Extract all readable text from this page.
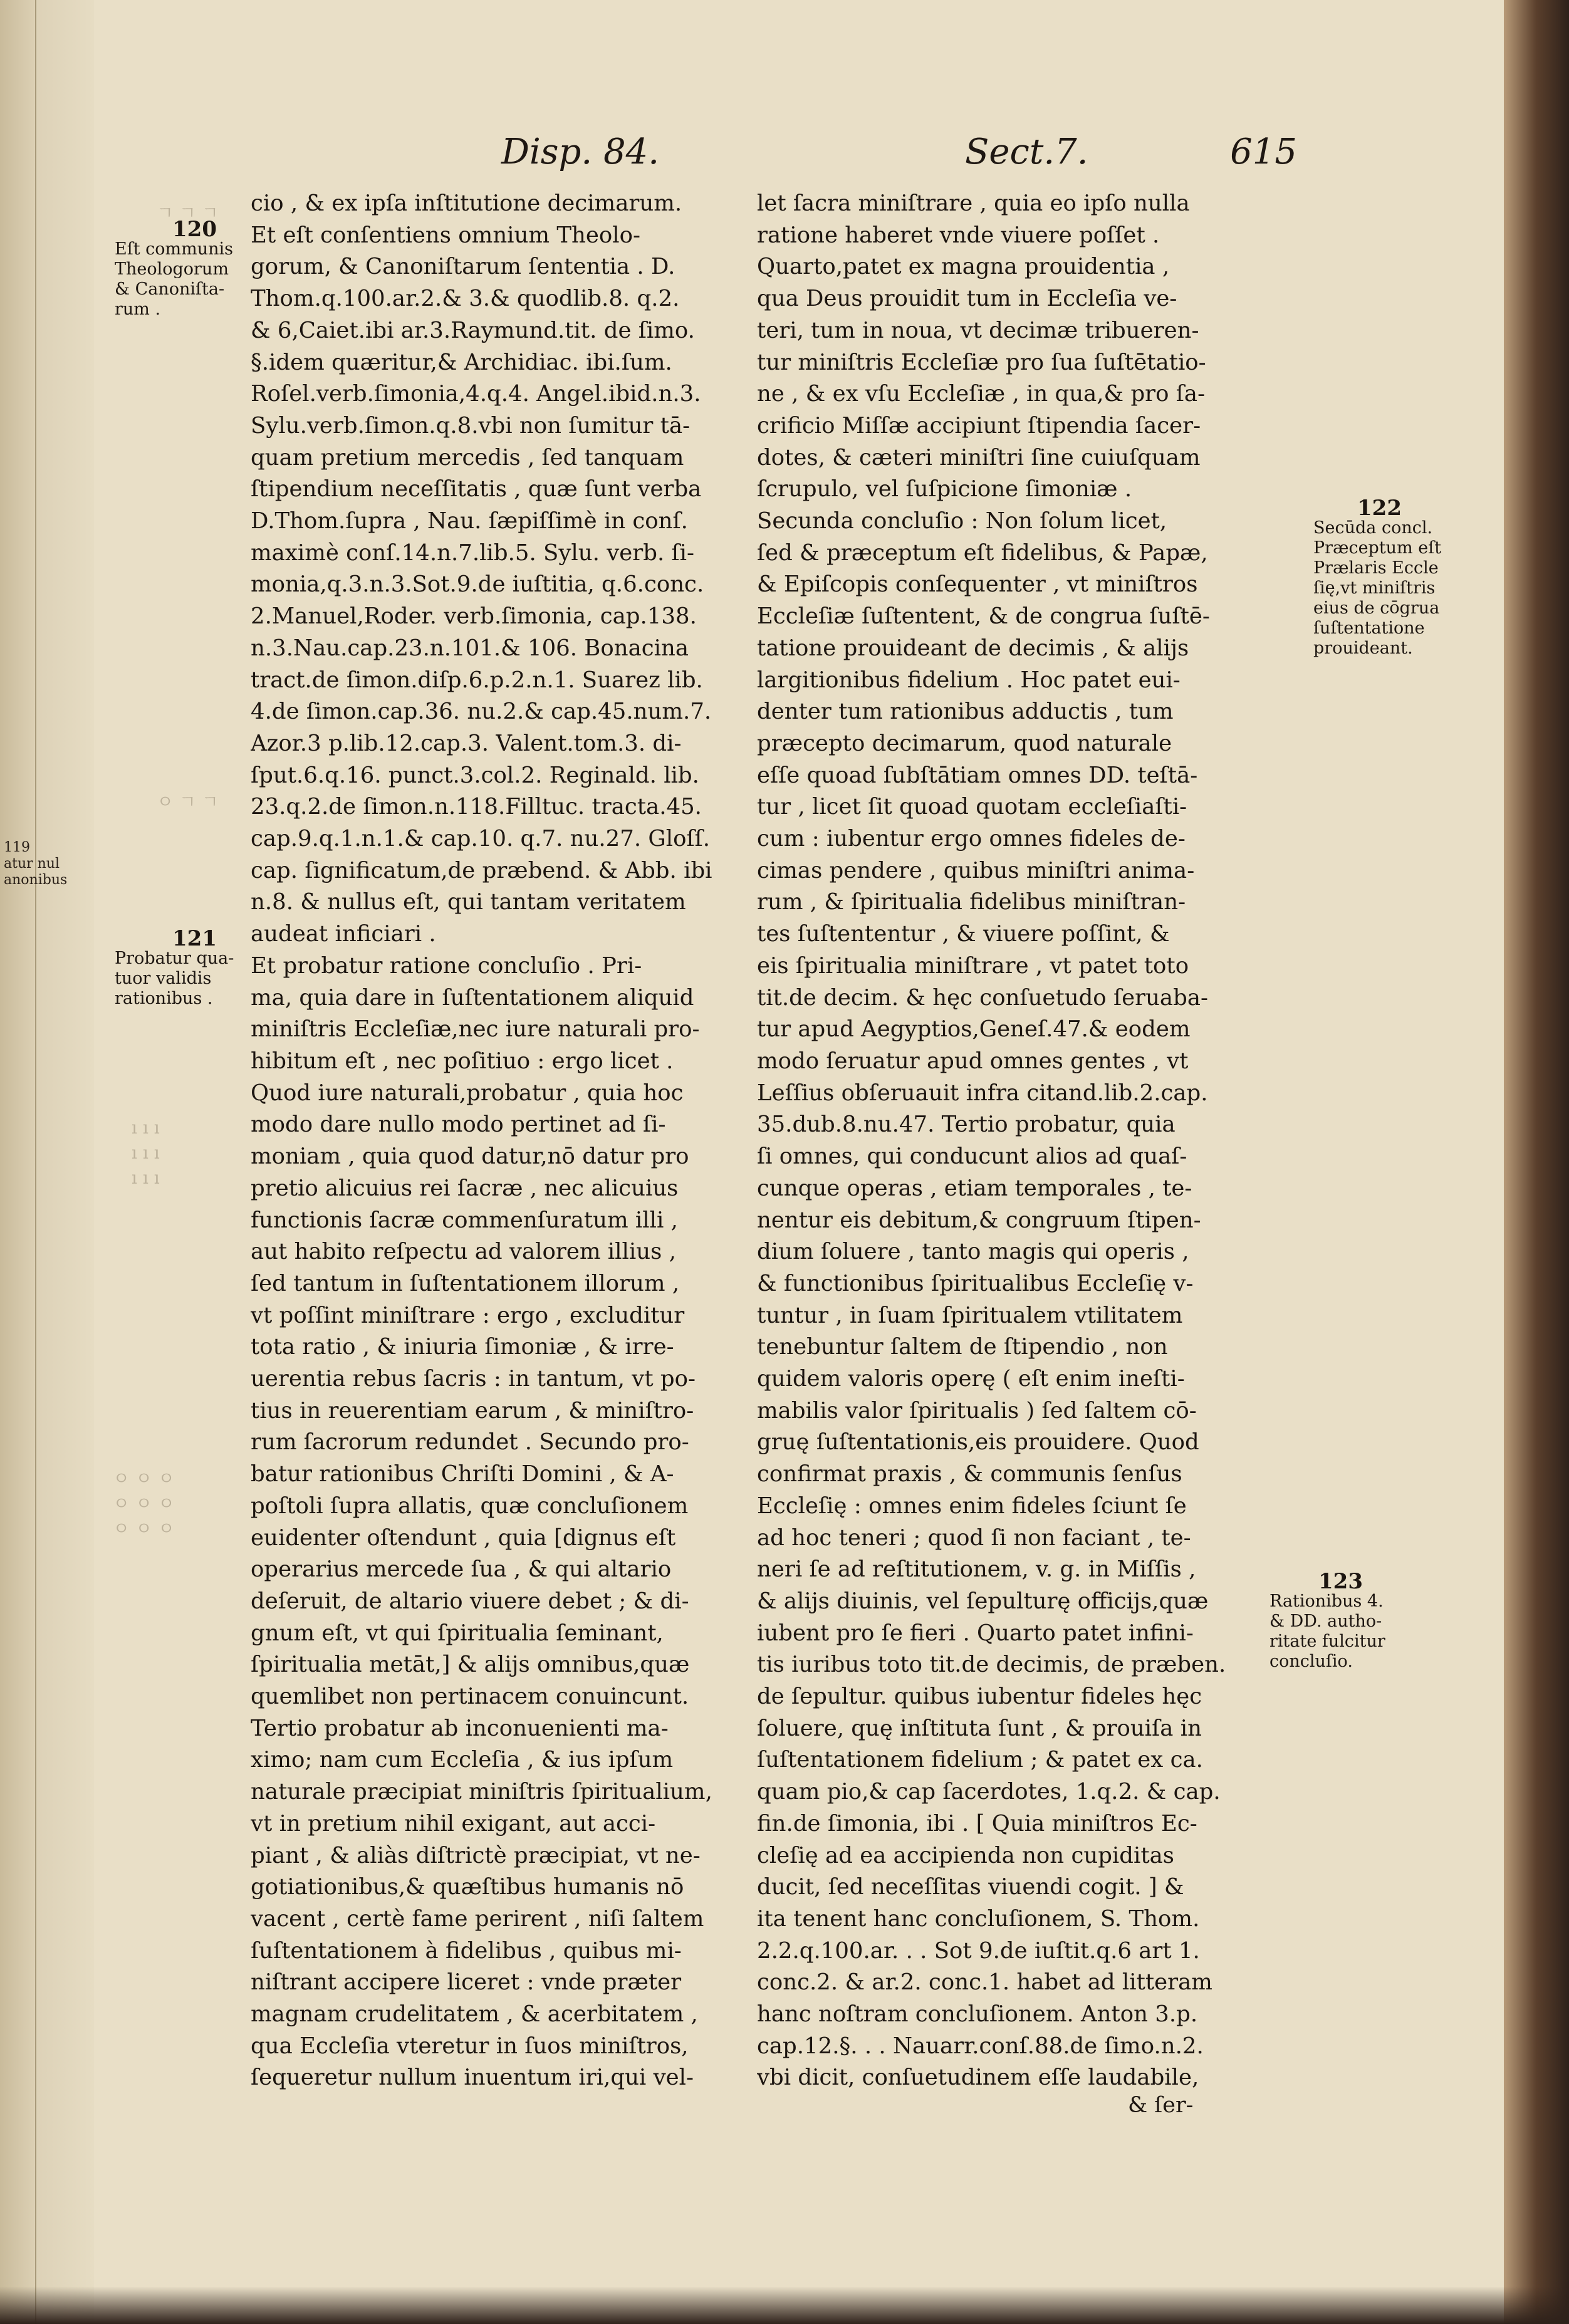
119
atur nul
anonibus
ㄱ ㄱ ㄱ
ㅇ ㄱ ㄱ
ı ı ı
ı ı ı
ı ı ı
ㅇ ㅇ ㅇ
ㅇ ㅇ ㅇ
ㅇ ㅇ ㅇ
Disp. 84.	Sect.7.	615
cio , & ex ipſa inſtitutione decimarum.
Et eſt conſentiens omnium Theolo-
gorum, & Canoniſtarum ſententia . D.
Thom.q.100.ar.2.& 3.& quodlib.8. q.2.
& 6,Caiet.ibi ar.3.Raymund.tit. de ſimo.
§.idem quæritur,& Archidiac. ibi.ſum.
Roſel.verb.ſimonia,4.q.4. Angel.ibid.n.3.
Sylu.verb.ſimon.q.8.vbi non ſumitur tā-
quam pretium mercedis , ſed tanquam
ſtipendium neceſſitatis , quæ ſunt verba
D.Thom.ſupra , Nau. ſæpiſſimè in conſ.
maximè conſ.14.n.7.lib.5. Sylu. verb. ſi-
monia,q.3.n.3.Sot.9.de iuſtitia, q.6.conc.
2.Manuel,Roder. verb.ſimonia, cap.138.
n.3.Nau.cap.23.n.101.& 106. Bonacina
tract.de ſimon.diſp.6.p.2.n.1. Suarez lib.
4.de ſimon.cap.36. nu.2.& cap.45.num.7.
Azor.3 p.lib.12.cap.3. Valent.tom.3. di-
ſput.6.q.16. punct.3.col.2. Reginald. lib.
23.q.2.de ſimon.n.118.Filltuc. tracta.45.
cap.9.q.1.n.1.& cap.10. q.7. nu.27. Gloſſ.
cap. ſignificatum,de præbend. & Abb. ibi
n.8. & nullus eſt, qui tantam veritatem
audeat inficiari .
Et probatur ratione concluſio . Pri-
ma, quia dare in ſuſtentationem aliquid
miniſtris Eccleſiæ,nec iure naturali pro-
hibitum eſt , nec poſitiuo : ergo licet .
Quod iure naturali,probatur , quia hoc
modo dare nullo modo pertinet ad ſi-
moniam , quia quod datur,nō datur pro
pretio alicuius rei ſacræ , nec alicuius
functionis ſacræ commenſuratum illi ,
aut habito reſpectu ad valorem illius ,
ſed tantum in ſuſtentationem illorum ,
vt poſſint miniſtrare : ergo , excluditur
tota ratio , & iniuria ſimoniæ , & irre-
uerentia rebus ſacris : in tantum, vt po-
tius in reuerentiam earum , & miniſtro-
rum ſacrorum redundet . Secundo pro-
batur rationibus Chriſti Domini , & A-
poſtoli ſupra allatis, quæ concluſionem
euidenter oſtendunt , quia [dignus eſt
operarius mercede ſua , & qui altario
deſeruit, de altario viuere debet ; & di-
gnum eſt, vt qui ſpiritualia ſeminant,
ſpiritualia metāt,] & alijs omnibus,quæ
quemlibet non pertinacem conuincunt.
Tertio probatur ab inconuenienti ma-
ximo; nam cum Eccleſia , & ius ipſum
naturale præcipiat miniſtris ſpiritualium,
vt in pretium nihil exigant, aut acci-
piant , & aliàs diſtrictè præcipiat, vt ne-
gotiationibus,& quæſtibus humanis nō
vacent , certè fame perirent , niſi ſaltem
ſuſtentationem à fidelibus , quibus mi-
niſtrant accipere liceret : vnde præter
magnam crudelitatem , & acerbitatem ,
qua Eccleſia vteretur in ſuos miniſtros,
ſequeretur nullum inuentum iri,qui vel-
let ſacra miniſtrare , quia eo ipſo nulla
ratione haberet vnde viuere poſſet .
Quarto,patet ex magna prouidentia ,
qua Deus prouidit tum in Eccleſia ve-
teri, tum in noua, vt decimæ tribueren-
tur miniſtris Eccleſiæ pro ſua ſuſtētatio-
ne , & ex vſu Eccleſiæ , in qua,& pro ſa-
crificio Miſſæ accipiunt ſtipendia ſacer-
dotes, & cæteri miniſtri ſine cuiuſquam
ſcrupulo, vel ſuſpicione ſimoniæ .
Secunda concluſio : Non ſolum licet,
ſed & præceptum eſt fidelibus, & Papæ,
& Epiſcopis conſequenter , vt miniſtros
Eccleſiæ ſuſtentent, & de congrua ſuſtē-
tatione prouideant de decimis , & alijs
largitionibus fidelium . Hoc patet eui-
denter tum rationibus adductis , tum
præcepto decimarum, quod naturale
eſſe quoad ſubſtātiam omnes DD. teſtā-
tur , licet ſit quoad quotam eccleſiaſti-
cum : iubentur ergo omnes fideles de-
cimas pendere , quibus miniſtri anima-
rum , & ſpiritualia fidelibus miniſtran-
tes ſuſtententur , & viuere poſſint, &
eis ſpiritualia miniſtrare , vt patet toto
tit.de decim. & hęc conſuetudo ſeruaba-
tur apud Aegyptios,Geneſ.47.& eodem
modo ſeruatur apud omnes gentes , vt
Leſſius obſeruauit infra citand.lib.2.cap.
35.dub.8.nu.47. Tertio probatur, quia
ſi omnes, qui conducunt alios ad quaſ-
cunque operas , etiam temporales , te-
nentur eis debitum,& congruum ſtipen-
dium ſoluere , tanto magis qui operis ,
& functionibus ſpiritualibus Eccleſię v-
tuntur , in ſuam ſpiritualem vtilitatem
tenebuntur ſaltem de ſtipendio , non
quidem valoris operę ( eſt enim ineſti-
mabilis valor ſpiritualis ) ſed ſaltem cō-
gruę ſuſtentationis,eis prouidere. Quod
confirmat praxis , & communis ſenſus
Eccleſię : omnes enim fideles ſciunt ſe
ad hoc teneri ; quod ſi non faciant , te-
neri ſe ad reſtitutionem, v. g. in Miſſis ,
& alijs diuinis, vel ſepulturę officijs,quæ
iubent pro ſe fieri . Quarto patet infini-
tis iuribus toto tit.de decimis, de præben.
de ſepultur. quibus iubentur fideles hęc
ſoluere, quę inſtituta ſunt , & prouiſa in
ſuſtentationem fidelium ; & patet ex ca.
quam pio,& cap ſacerdotes, 1.q.2. & cap.
fin.de ſimonia, ibi . [ Quia miniſtros Ec-
cleſię ad ea accipienda non cupiditas
ducit, ſed neceſſitas viuendi cogit. ] &
ita tenent hanc concluſionem, S. Thom.
2.2.q.100.ar. . . Sot 9.de iuſtit.q.6 art 1.
conc.2. & ar.2. conc.1. habet ad litteram
hanc noſtram concluſionem. Anton 3.p.
cap.12.§. . . Nauarr.conſ.88.de ſimo.n.2.
vbi dicit, conſuetudinem eſſe laudabile,
120
Eſt communis
Theologorum
& Canoniſta-
rum .
121
Probatur qua-
tuor validis
rationibus .
122
Secūda concl.
Præceptum eſt
Prælaris Eccle
ſię,vt miniſtris
eius de cōgrua
ſuſtentatione
prouideant.
123
Rationibus 4.
& DD. autho-
ritate fulcitur
concluſio.
& ſer-
